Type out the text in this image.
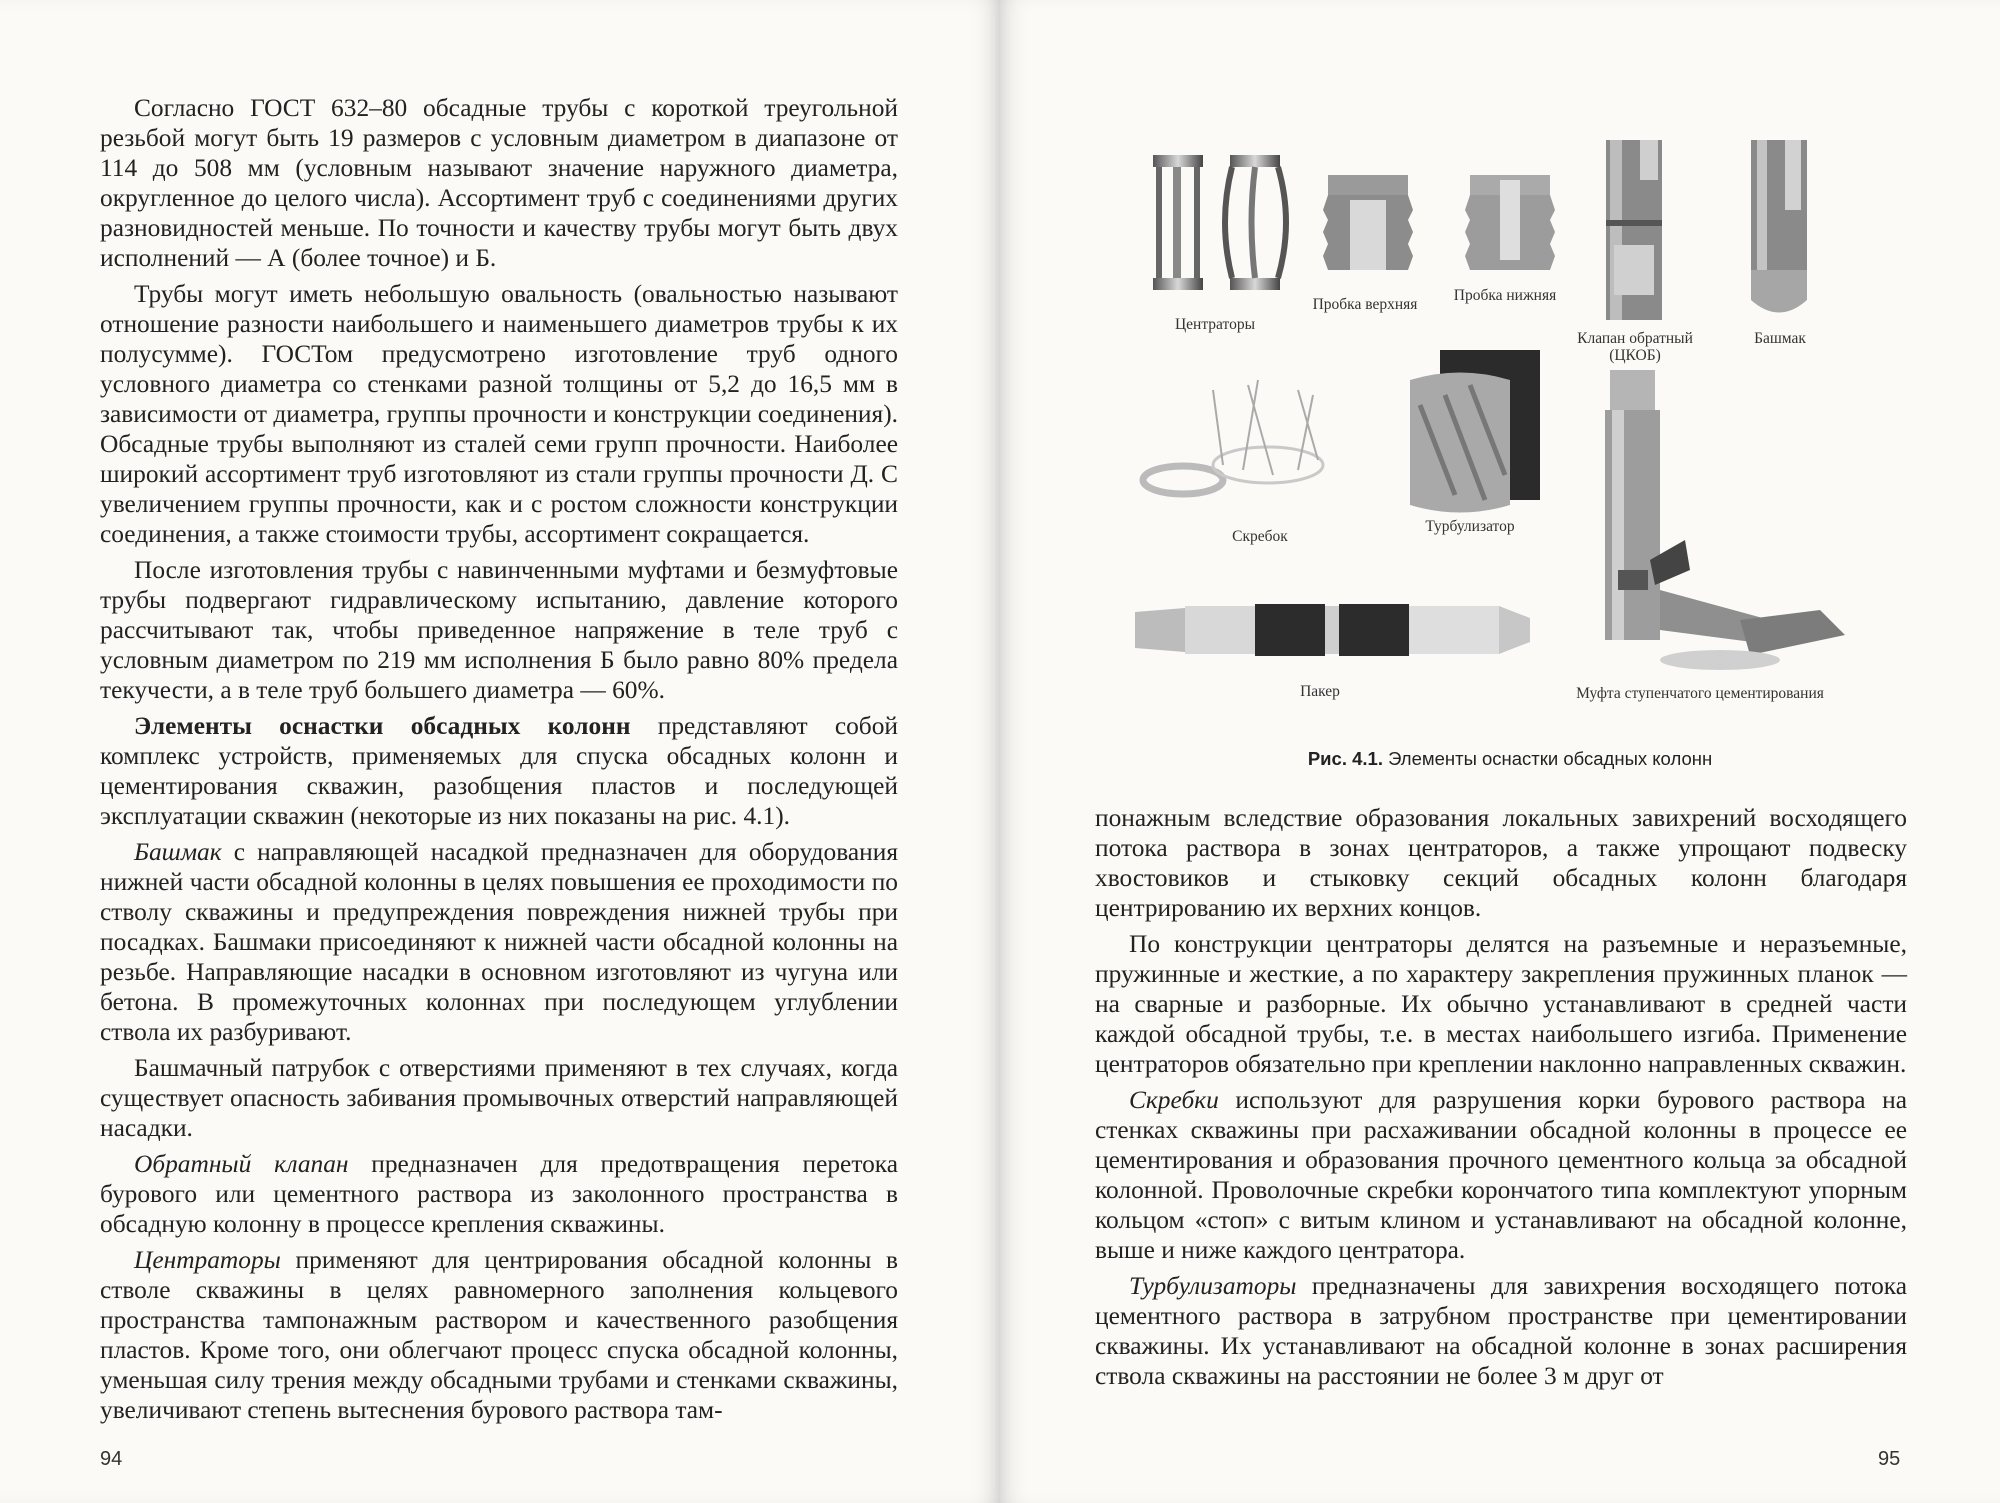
Согласно ГОСТ 632–80 обсадные трубы с короткой треугольной резьбой могут быть 19 размеров с условным диаметром в диапазоне от 114 до 508 мм (условным называют значение наружного диаметра, округленное до целого числа). Ассортимент труб с соединениями других разновидностей меньше. По точности и качеству трубы могут быть двух исполнений — А (более точное) и Б.

Трубы могут иметь небольшую овальность (овальностью называют отношение разности наибольшего и наименьшего диаметров трубы к их полусумме). ГОСТом предусмотрено изготовление труб одного условного диаметра со стенками разной толщины от 5,2 до 16,5 мм в зависимости от диаметра, группы прочности и конструкции соединения). Обсадные трубы выполняют из сталей семи групп прочности. Наиболее широкий ассортимент труб изготовляют из стали группы прочности Д. С увеличением группы прочности, как и с ростом сложности конструкции соединения, а также стоимости трубы, ассортимент сокращается.

После изготовления трубы с навинченными муфтами и безмуфтовые трубы подвергают гидравлическому испытанию, давление которого рассчитывают так, чтобы приведенное напряжение в теле труб с условным диаметром по 219 мм исполнения Б было равно 80% предела текучести, а в теле труб большего диаметра — 60%.

Элементы оснастки обсадных колонн представляют собой комплекс устройств, применяемых для спуска обсадных колонн и цементирования скважин, разобщения пластов и последующей эксплуатации скважин (некоторые из них показаны на рис. 4.1).

Башмак с направляющей насадкой предназначен для оборудования нижней части обсадной колонны в целях повышения ее проходимости по стволу скважины и предупреждения повреждения нижней трубы при посадках. Башмаки присоединяют к нижней части обсадной колонны на резьбе. Направляющие насадки в основном изготовляют из чугуна или бетона. В промежуточных колоннах при последующем углублении ствола их разбуривают.

Башмачный патрубок с отверстиями применяют в тех случаях, когда существует опасность забивания промывочных отверстий направляющей насадки.

Обратный клапан предназначен для предотвращения перетока бурового или цементного раствора из заколонного пространства в обсадную колонну в процессе крепления скважины.

Центраторы применяют для центрирования обсадной колонны в стволе скважины в целях равномерного заполнения кольцевого пространства тампонажным раствором и качественного разобщения пластов. Кроме того, они облегчают процесс спуска обсадной колонны, уменьшая силу трения между обсадными трубами и стенками скважины, увеличивают степень вытеснения бурового раствора там-

94
Центраторы
Пробка верхняя
Пробка нижняя
Клапан обратный
(ЦКОБ)
Башмак
Скребок
Турбулизатор
Пакер	Муфта ступенчатого цементирования
Рис. 4.1. Элементы оснастки обсадных колонн

понажным вследствие образования локальных завихрений восходящего потока раствора в зонах центраторов, а также упрощают подвеску хвостовиков и стыковку секций обсадных колонн благодаря центрированию их верхних концов.

По конструкции центраторы делятся на разъемные и неразъемные, пружинные и жесткие, а по характеру закрепления пружинных планок — на сварные и разборные. Их обычно устанавливают в средней части каждой обсадной трубы, т.е. в местах наибольшего изгиба. Применение центраторов обязательно при креплении наклонно направленных скважин.

Скребки используют для разрушения корки бурового раствора на стенках скважины при расхаживании обсадной колонны в процессе ее цементирования и образования прочного цементного кольца за обсадной колонной. Проволочные скребки корончатого типа комплектуют упорным кольцом «стоп» с витым клином и устанавливают на обсадной колонне, выше и ниже каждого центратора.

Турбулизаторы предназначены для завихрения восходящего потока цементного раствора в затрубном пространстве при цементировании скважины. Их устанавливают на обсадной колонне в зонах расширения ствола скважины на расстоянии не более 3 м друг от

95
